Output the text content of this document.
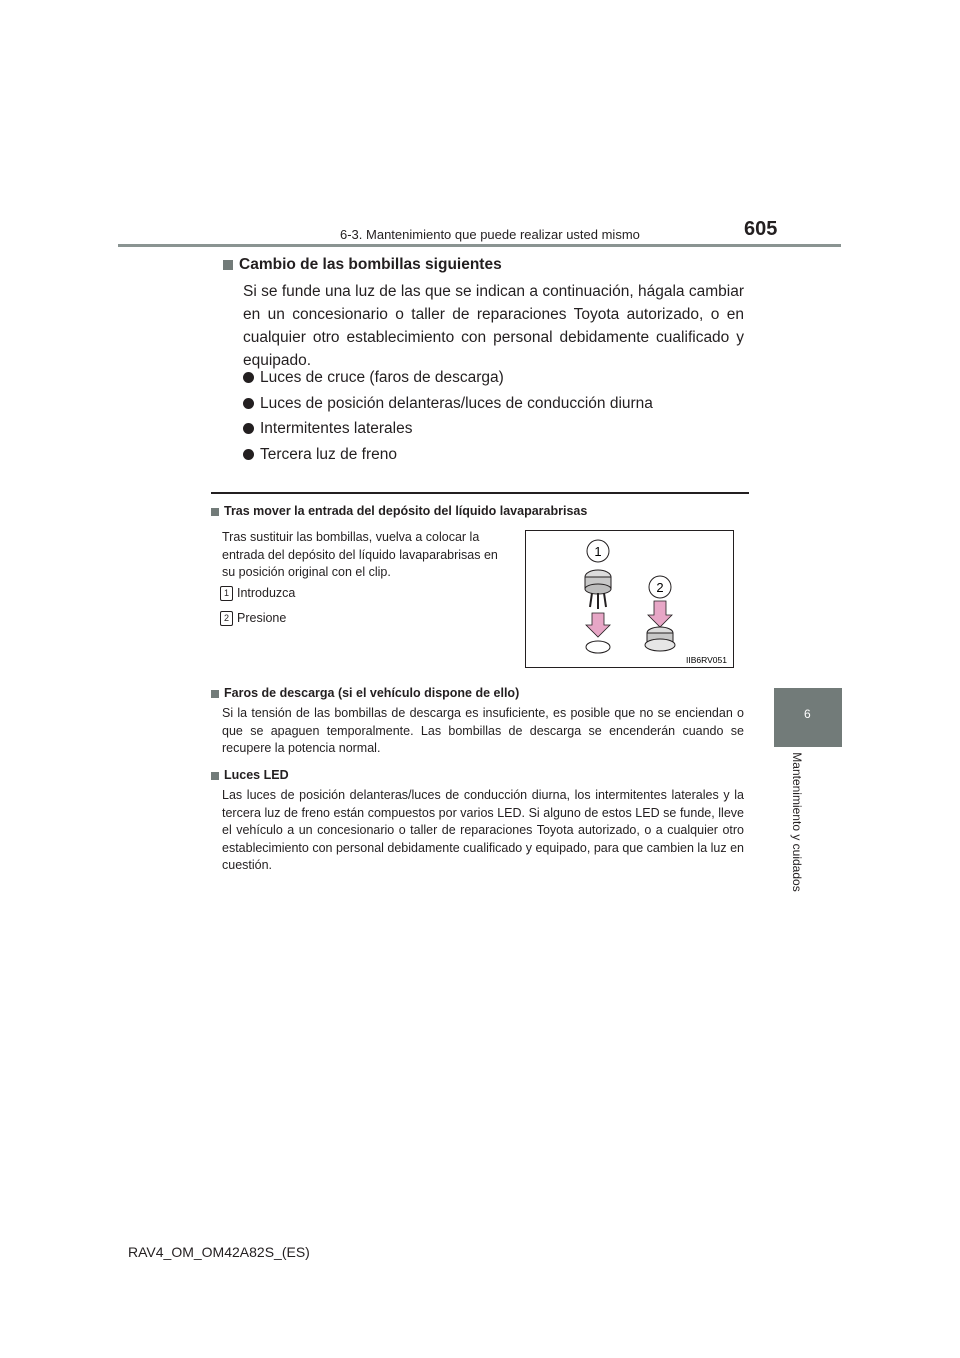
6-3. Mantenimiento que puede realizar usted mismo	605
6
Mantenimiento y cuidados
Cambio de las bombillas siguientes
Si se funde una luz de las que se indican a continuación, hágala cambiar en un concesionario o taller de reparaciones Toyota autorizado, o en cualquier otro establecimiento con personal debidamente cualificado y equipado.
Luces de cruce (faros de descarga)
Luces de posición delanteras/luces de conducción diurna
Intermitentes laterales
Tercera luz de freno
Tras mover la entrada del depósito del líquido lavaparabrisas
Tras sustituir las bombillas, vuelva a colocar la entrada del depósito del líquido lavaparabrisas en su posición original con el clip.
1 Introduzca
2 Presione
1
2
IIB6RV051
Faros de descarga (si el vehículo dispone de ello)
Si la tensión de las bombillas de descarga es insuficiente, es posible que no se enciendan o que se apaguen temporalmente. Las bombillas de descarga se encenderán cuando se recupere la potencia normal.
Luces LED
Las luces de posición delanteras/luces de conducción diurna, los intermitentes laterales y la tercera luz de freno están compuestos por varios LED. Si alguno de estos LED se funde, lleve el vehículo a un concesionario o taller de reparaciones Toyota autorizado, o a cualquier otro establecimiento con personal debidamente cualificado y equipado, para que cambien la luz en cuestión.
RAV4_OM_OM42A82S_(ES)
